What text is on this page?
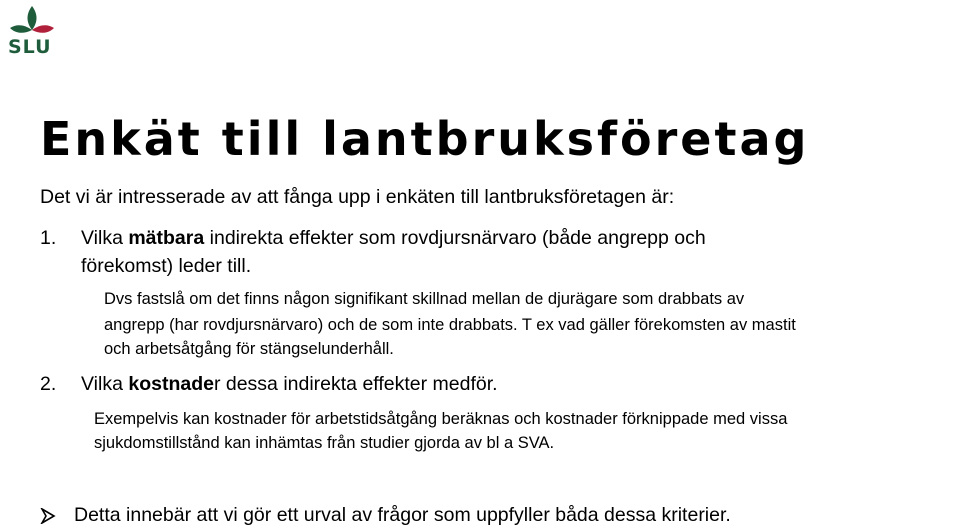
SLU
Enkät till lantbruksföretag
Det vi är intresserade av att fånga upp i enkäten till lantbruksföretagen är:
1. Vilka mätbara indirekta effekter som rovdjursnärvaro (både angrepp och
förekomst) leder till.
Dvs fastslå om det finns någon signifikant skillnad mellan de djurägare som drabbats av
angrepp (har rovdjursnärvaro) och de som inte drabbats. T ex vad gäller förekomsten av mastit
och arbetsåtgång för stängselunderhåll.
2. Vilka kostnader dessa indirekta effekter medför.
Exempelvis kan kostnader för arbetstidsåtgång beräknas och kostnader förknippade med vissa
sjukdomstillstånd kan inhämtas från studier gjorda av bl a SVA.
Detta innebär att vi gör ett urval av frågor som uppfyller båda dessa kriterier.
